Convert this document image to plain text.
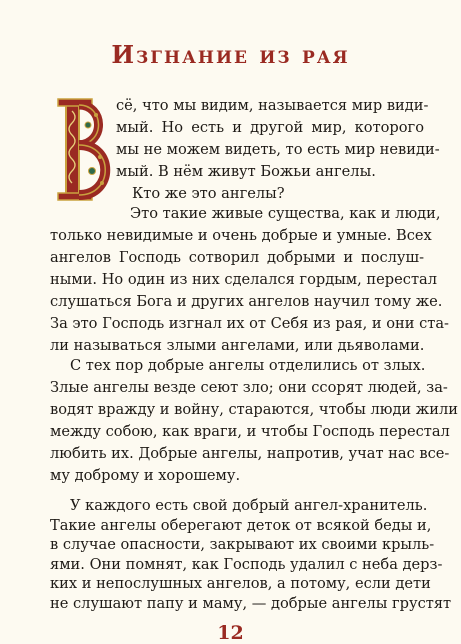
Изгнание из рая
сё, что мы видим, называется мир види-
мый. Но есть и другой мир, которого
мы не можем видеть, то есть мир невиди-
мый. В нём живут Божьи ангелы.
Кто же это ангелы?
Это такие живые существа, как и люди,
только невидимые и очень добрые и умные. Всех
ангелов Господь сотворил добрыми и послуш-
ными. Но один из них сделался гордым, перестал
слушаться Бога и других ангелов научил тому же.
За это Господь изгнал их от Себя из рая, и они ста-
ли называться злыми ангелами, или дьяволами.
С тех пор добрые ангелы отделились от злых.
Злые ангелы везде сеют зло; они ссорят людей, за-
водят вражду и войну, стараются, чтобы люди жили
между собою, как враги, и чтобы Господь перестал
любить их. Добрые ангелы, напротив, учат нас все-
му доброму и хорошему.
12
У каждого есть свой добрый ангел-хранитель.
Такие ангелы оберегают деток от всякой беды и,
в случае опасности, закрывают их своими крыль-
ями. Они помнят, как Господь удалил с неба дерз-
ких и непослушных ангелов, а потому, если дети
не слушают папу и маму, — добрые ангелы грустят
